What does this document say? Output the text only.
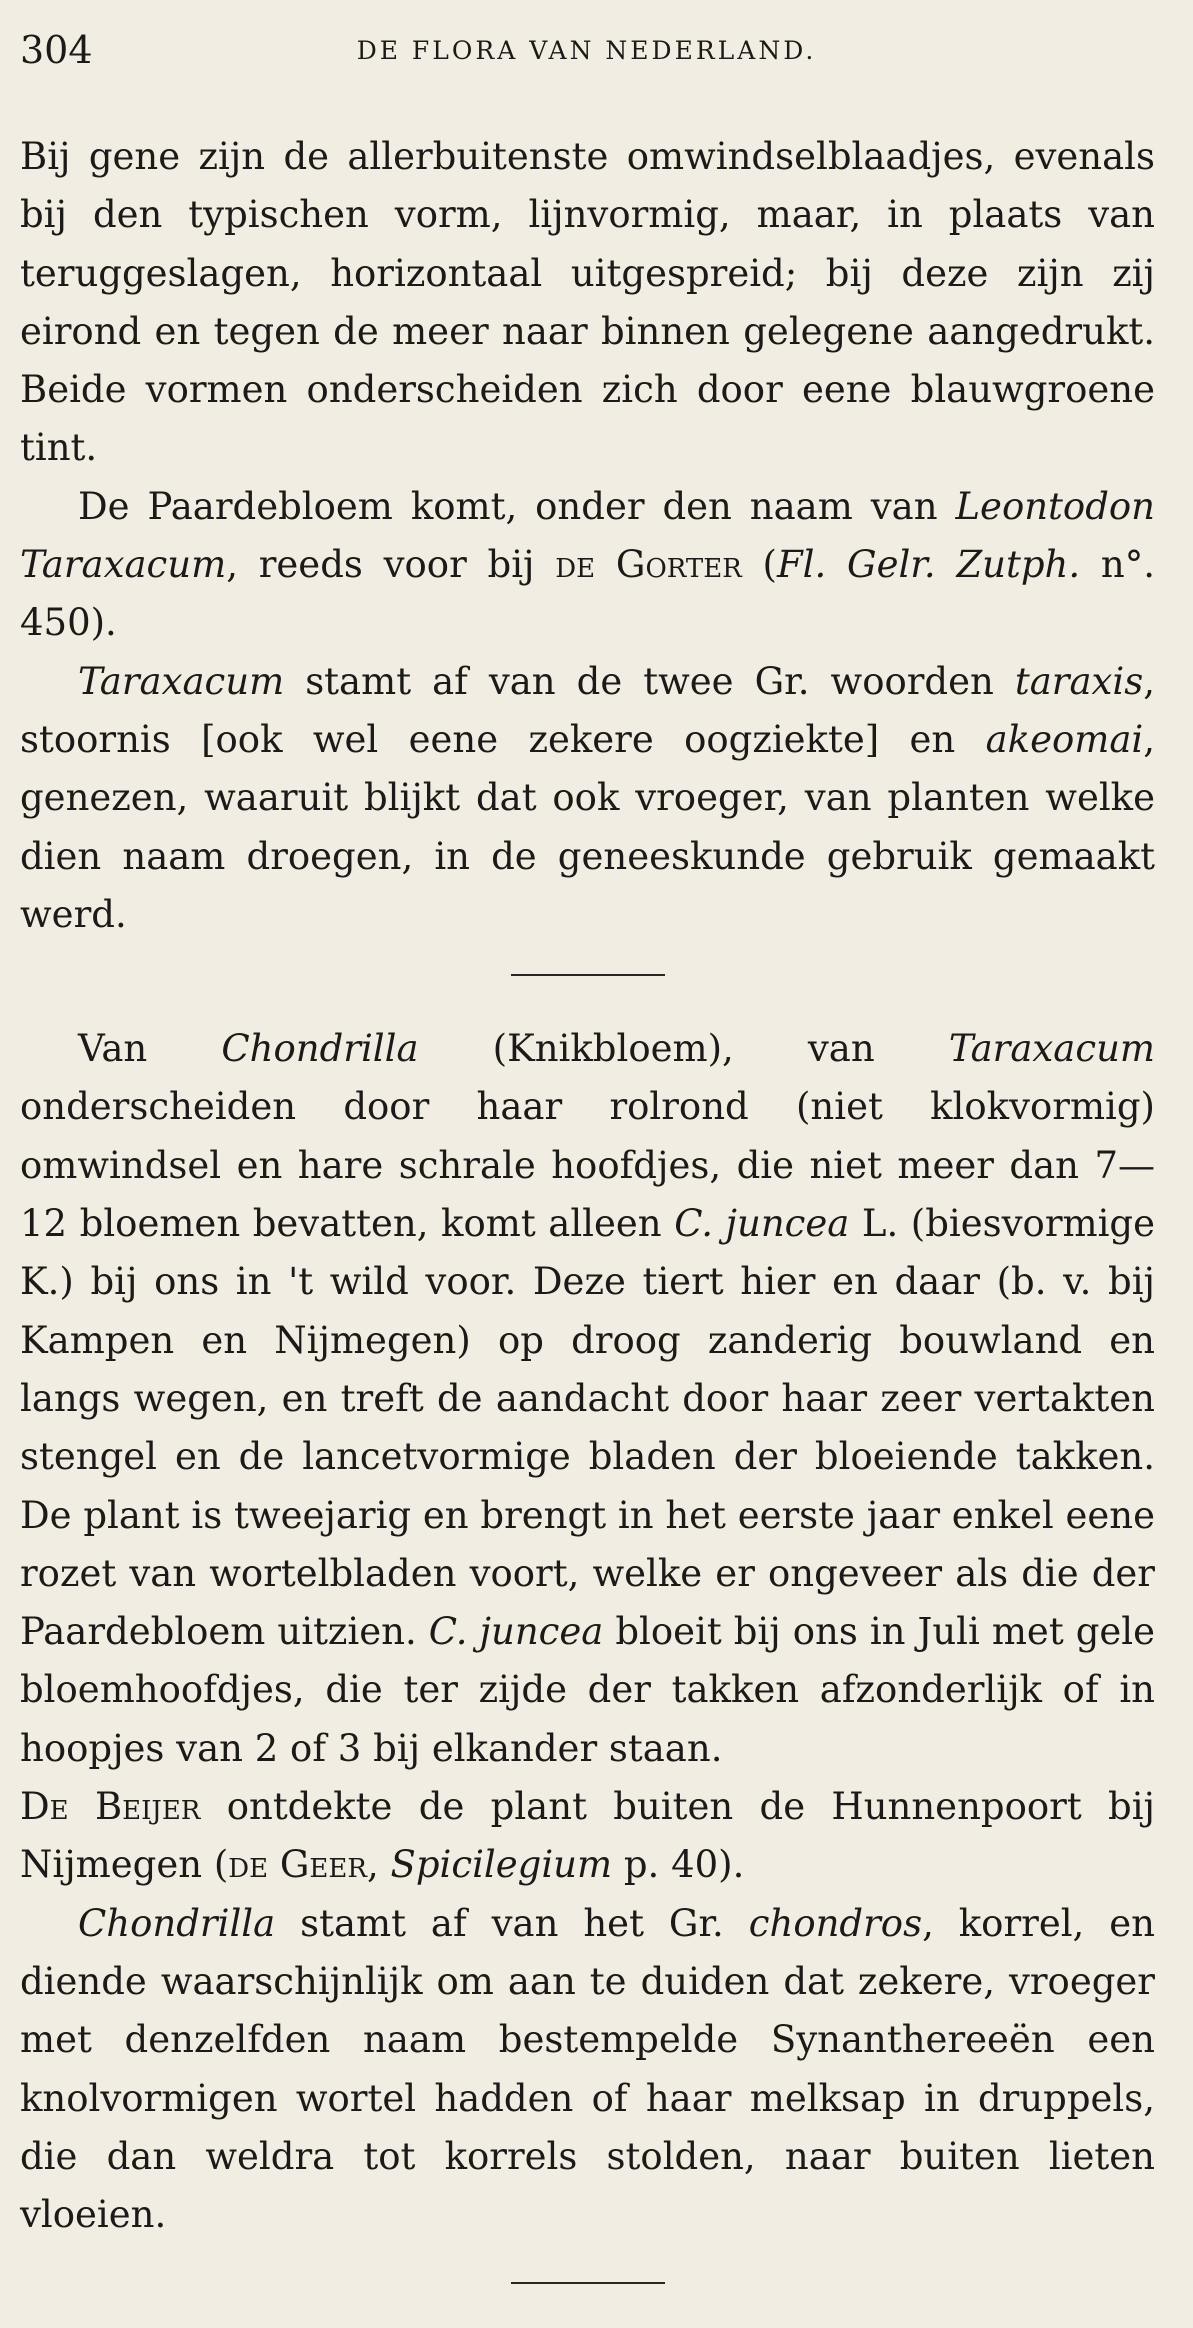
304	DE FLORA VAN NEDERLAND.

Bij gene zijn de allerbuitenste omwindselblaadjes, evenals bij den typischen vorm, lijnvormig, maar, in plaats van teruggeslagen, horizontaal uitgespreid; bij deze zijn zij eirond en tegen de meer naar binnen gelegene aangedrukt. Beide vormen onderscheiden zich door eene blauwgroene tint.

De Paardebloem komt, onder den naam van Leontodon Taraxacum, reeds voor bij de Gorter (Fl. Gelr. Zutph. n°. 450).

Taraxacum stamt af van de twee Gr. woorden taraxis, stoornis [ook wel eene zekere oogziekte] en akeomai, genezen, waaruit blijkt dat ook vroeger, van planten welke dien naam droegen, in de geneeskunde gebruik gemaakt werd.

Van Chondrilla (Knikbloem), van Taraxacum onderscheiden door haar rolrond (niet klokvormig) omwindsel en hare schrale hoofdjes, die niet meer dan 7—12 bloemen bevatten, komt alleen C. juncea L. (biesvormige K.) bij ons in 't wild voor. Deze tiert hier en daar (b. v. bij Kampen en Nijmegen) op droog zanderig bouwland en langs wegen, en treft de aandacht door haar zeer vertakten stengel en de lancetvormige bladen der bloeiende takken. De plant is tweejarig en brengt in het eerste jaar enkel eene rozet van wortelbladen voort, welke er ongeveer als die der Paardebloem uitzien. C. juncea bloeit bij ons in Juli met gele bloemhoofdjes, die ter zijde der takken afzonderlijk of in hoopjes van 2 of 3 bij elkander staan.

De Beijer ontdekte de plant buiten de Hunnenpoort bij Nijmegen (de Geer, Spicilegium p. 40).

Chondrilla stamt af van het Gr. chondros, korrel, en diende waarschijnlijk om aan te duiden dat zekere, vroeger met denzelfden naam bestempelde Synanthereeën een knolvormigen wortel hadden of haar melksap in druppels, die dan weldra tot korrels stolden, naar buiten lieten vloeien.
